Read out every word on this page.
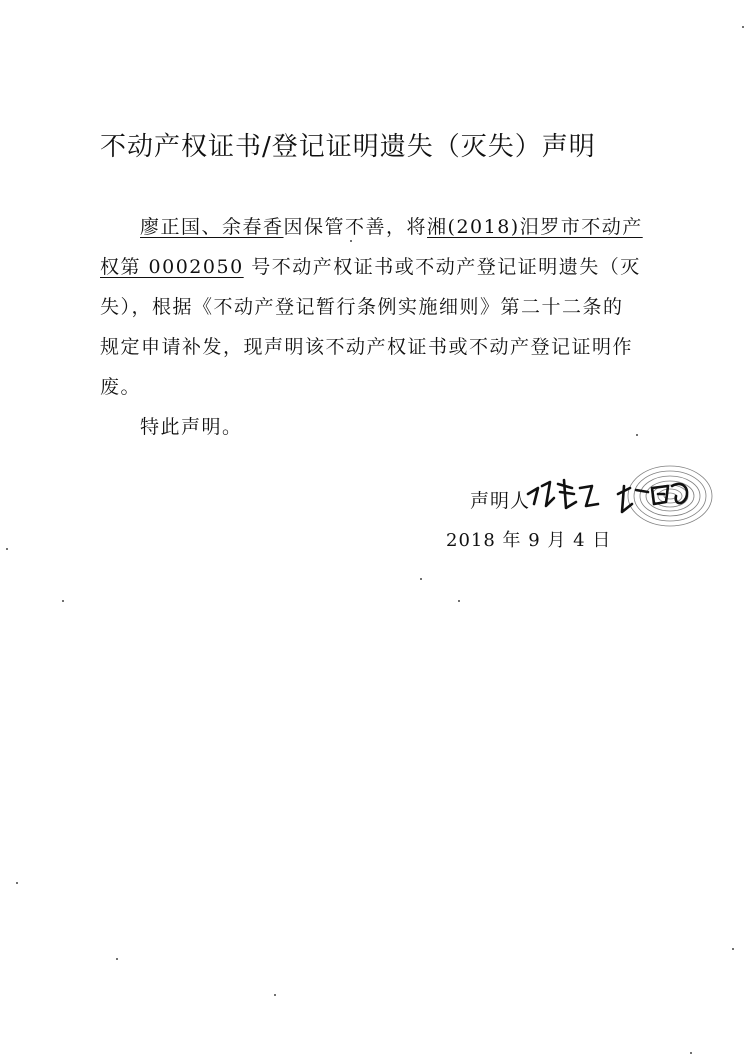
不动产权证书/登记证明遗失（灭失）声明
廖正国、余春香因保管不善，将湘(2018)汨罗市不动产
权第 0002050 号不动产权证书或不动产登记证明遗失（灭
失），根据《不动产登记暂行条例实施细则》第二十二条的
规定申请补发，现声明该不动产权证书或不动产登记证明作
废。
特此声明。
声明人
2018 年 9 月 4 日
